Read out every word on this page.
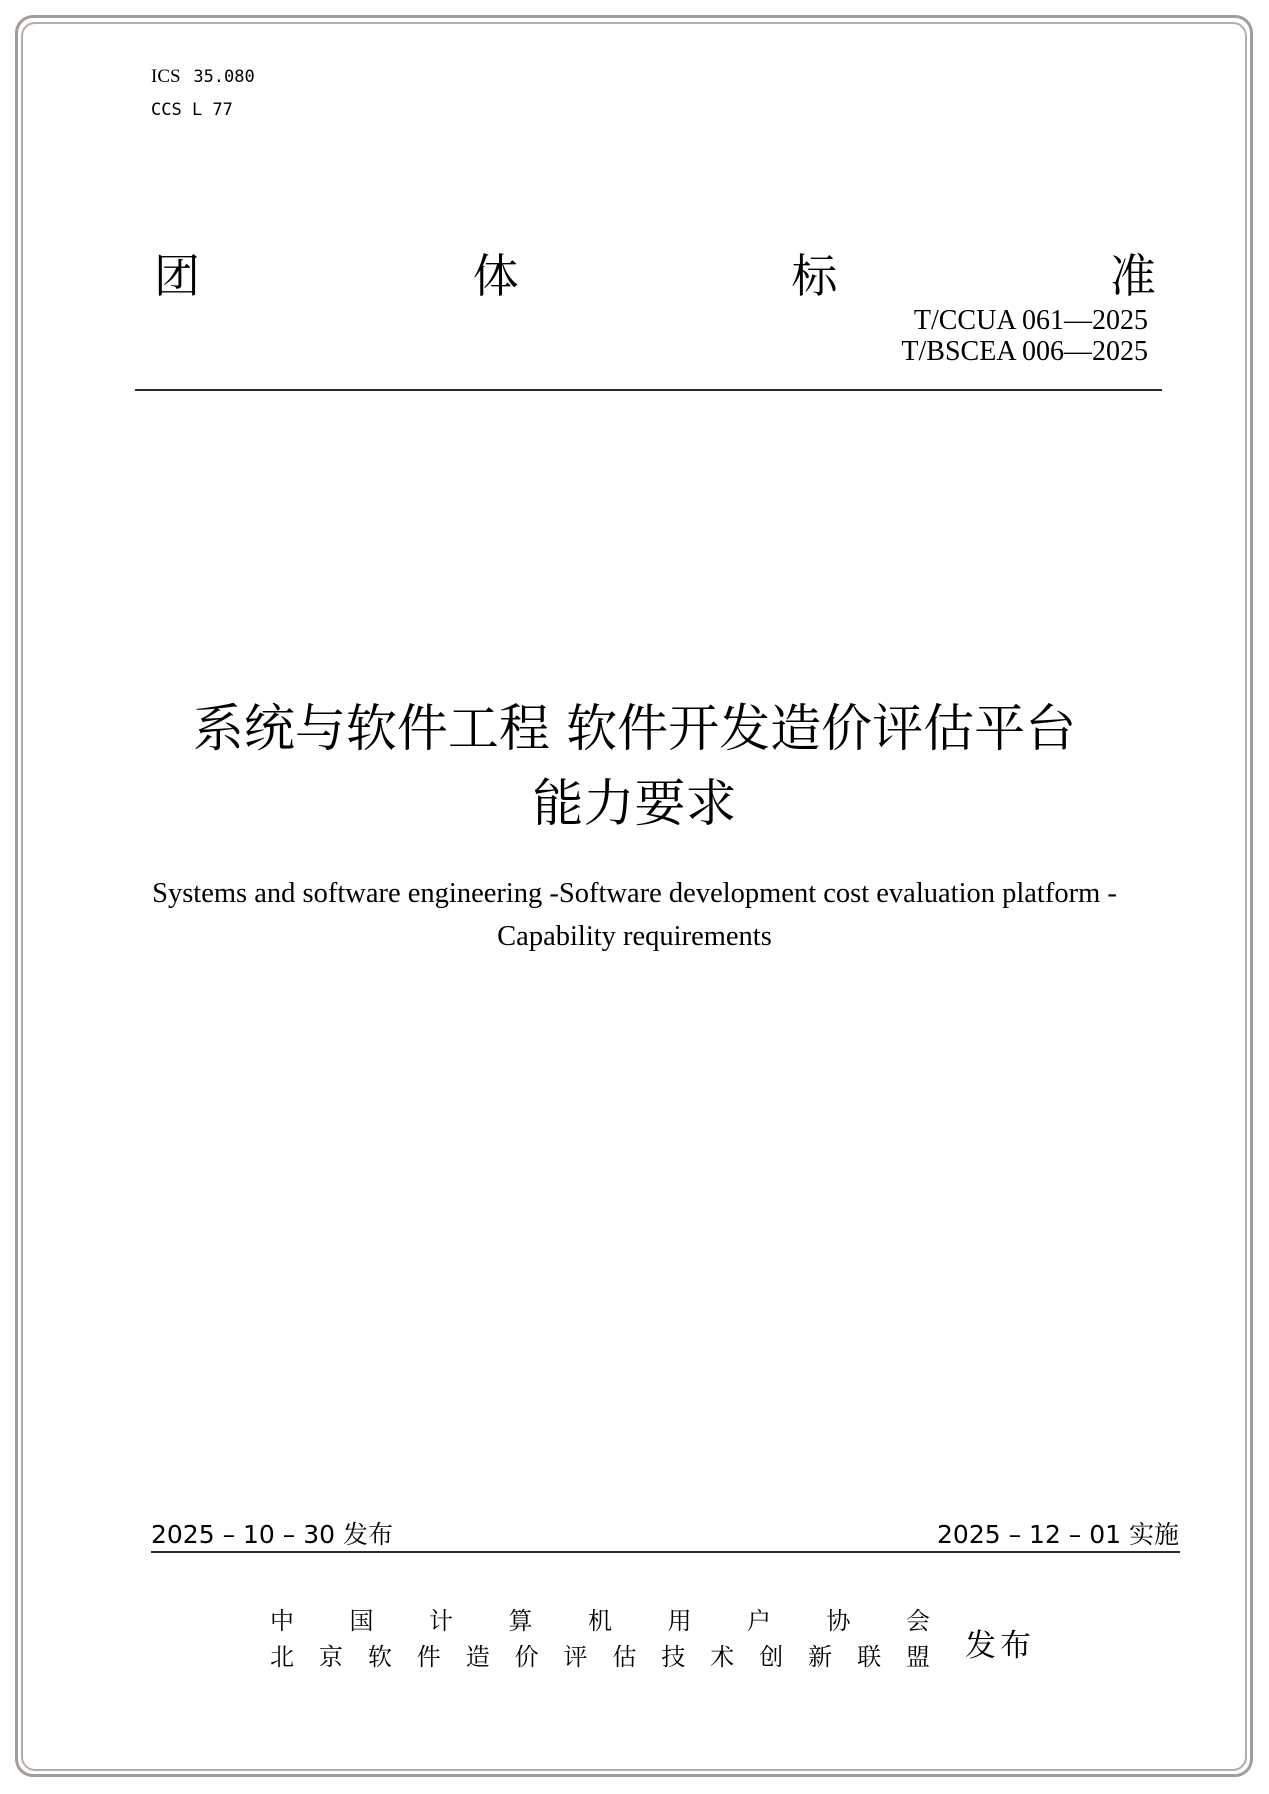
ICS 35.080
CCS L 77
团	体	标	准
T/CCUA 061—2025
T/BSCEA 006—2025
系统与软件工程 软件开发造价评估平台
能力要求
Systems and software engineering -Software development cost evaluation platform -
Capability requirements
2025 – 10 – 30 发布	2025 – 12 – 01 实施
中 国 计 算 机 用 户 协 会
北 京 软 件 造 价 评 估 技 术 创 新 联 盟 发布
